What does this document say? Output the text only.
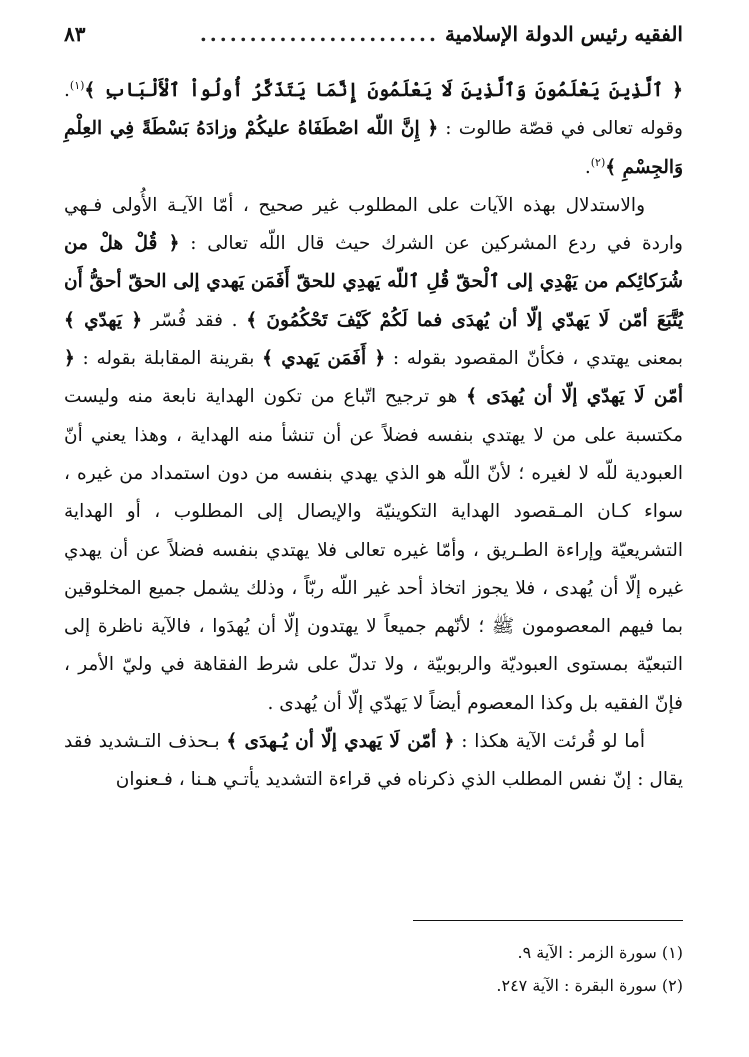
الفقيه رئيس الدولة الإسلامية
........................
٨٣

﴿ ٱلَّذِينَ يَعْلَمُونَ وَٱلَّذِينَ لَا يَعْلَمُونَ إِنَّمَا يَتَذَكَّرُ أُولُواْ ٱلْأَلْبَابِ ﴾$^{(١)}$. وقوله تعالى في قصّة طالوت : ﴿ إِنَّ اللّه اصْطَفَاهُ عليكُمْ وزادَهُ بَسْطَةً فِي العِلْمِ وَالجِسْمِ ﴾$^{(٢)}$.

والاستدلال بهذه الآيات على المطلوب غير صحيح ، أمّا الآيـة الأُولى فـهي واردة في ردع المشركين عن الشرك حيث قال اللّه تعالى : ﴿ قُلْ هلْ من شُرَكائِكم من يَهْدِي إلى ٱلْحقّ قُلِ ٱللّه يَهدِي للحقّ أَفَمَن يَهدي إلى الحقّ أحقُّ أَن يُتَّبَعَ أمّن لَا يَهدّي إلّا أن يُهدَى فما لَكُمْ كَيْفَ تَحْكُمُونَ ﴾ . فقد فُسّر ﴿ يَهدّي ﴾ بمعنى يهتدي ، فكأنّ المقصود بقوله : ﴿ أَفَمَن يَهدي ﴾ بقرينة المقابلة بقوله : ﴿ أمّن لَا يَهدّي إلّا أن يُهدَى ﴾ هو ترجيح اتّباع من تكون الهداية نابعة منه وليست مكتسبة على من لا يهتدي بنفسه فضلاً عن أن تنشأ منه الهداية ، وهذا يعني أنّ العبودية للّه لا لغيره ؛ لأنّ اللّه هو الذي يهدي بنفسه من دون استمداد من غيره ، سواء كـان المـقصود الهداية التكوينيّة والإيصال إلى المطلوب ، أو الهداية التشريعيّة وإراءة الطـريق ، وأمّا غيره تعالى فلا يهتدي بنفسه فضلاً عن أن يهدي غيره إلّا أن يُهدى ، فلا يجوز اتخاذ أحد غير اللّه ربّاً ، وذلك يشمل جميع المخلوقين بما فيهم المعصومون ﷺ ؛ لأنّهم جميعاً لا يهتدون إلّا أن يُهدَوا ، فالآية ناظرة إلى التبعيّة بمستوى العبوديّة والربوبيّة ، ولا تدلّ على شرط الفقاهة في وليّ الأمر ، فإنّ الفقيه بل وكذا المعصوم أيضاً لا يَهدّي إلّا أن يُهدى .

أما لو قُرئت الآية هكذا : ﴿ أمّن لَا يَهدي إلّا أن يُـهدَى ﴾ بـحذف التـشديد فقد يقال : إنّ نفس المطلب الذي ذكرناه في قراءة التشديد يأتـي هـنا ، فـعنوان

(١) سورة الزمر : الآية ٩.
(٢) سورة البقرة : الآية ٢٤٧.
